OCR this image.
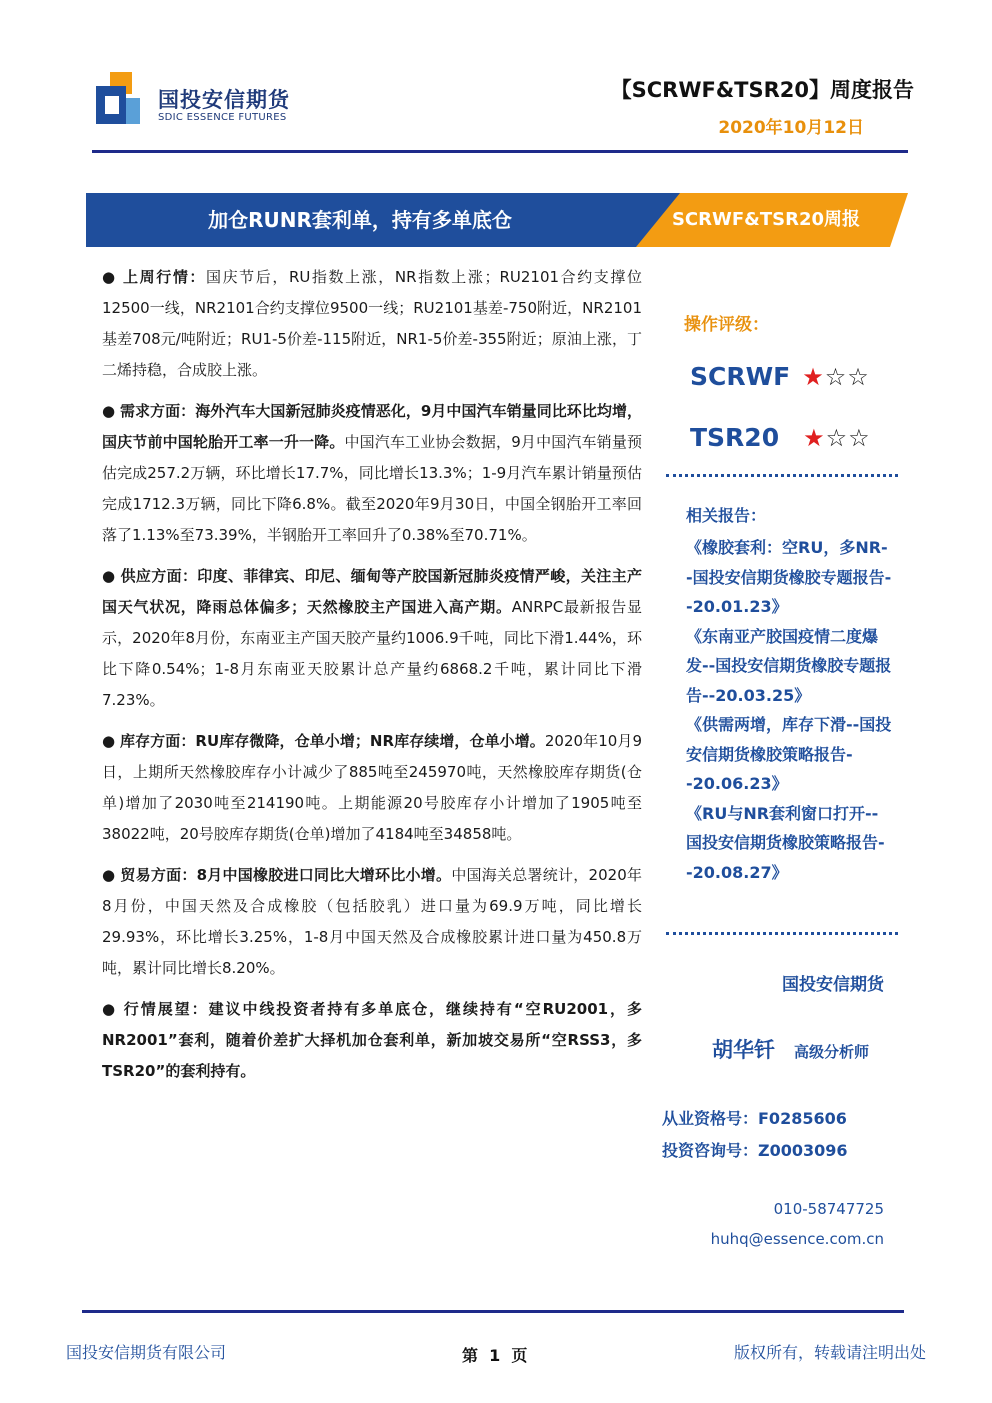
国投安信期货
SDIC ESSENCE FUTURES
【SCRWF&TSR20】周度报告
2020年10月12日
加仓RUNR套利单，持有多单底仓	SCRWF&TSR20周报

● 上周行情：国庆节后，RU指数上涨，NR指数上涨；RU2101合约支撑位12500一线，NR2101合约支撑位9500一线；RU2101基差-750附近，NR2101基差708元/吨附近；RU1-5价差-115附近，NR1-5价差-355附近；原油上涨，丁二烯持稳，合成胶上涨。

● 需求方面：海外汽车大国新冠肺炎疫情恶化，9月中国汽车销量同比环比均增，国庆节前中国轮胎开工率一升一降。中国汽车工业协会数据，9月中国汽车销量预估完成257.2万辆，环比增长17.7%，同比增长13.3%；1-9月汽车累计销量预估完成1712.3万辆，同比下降6.8%。截至2020年9月30日，中国全钢胎开工率回落了1.13%至73.39%，半钢胎开工率回升了0.38%至70.71%。

● 供应方面：印度、菲律宾、印尼、缅甸等产胶国新冠肺炎疫情严峻，关注主产国天气状况，降雨总体偏多；天然橡胶主产国进入高产期。ANRPC最新报告显示，2020年8月份，东南亚主产国天胶产量约1006.9千吨，同比下滑1.44%，环比下降0.54%；1-8月东南亚天胶累计总产量约6868.2千吨，累计同比下滑7.23%。

● 库存方面：RU库存微降，仓单小增；NR库存续增，仓单小增。2020年10月9日，上期所天然橡胶库存小计减少了885吨至245970吨，天然橡胶库存期货(仓单)增加了2030吨至214190吨。上期能源20号胶库存小计增加了1905吨至38022吨，20号胶库存期货(仓单)增加了4184吨至34858吨。

● 贸易方面：8月中国橡胶进口同比大增环比小增。中国海关总署统计，2020年8月份，中国天然及合成橡胶（包括胶乳）进口量为69.9万吨，同比增长29.93%，环比增长3.25%，1-8月中国天然及合成橡胶累计进口量为450.8万吨，累计同比增长8.20%。

● 行情展望：建议中线投资者持有多单底仓，继续持有“空RU2001，多NR2001”套利，随着价差扩大择机加仓套利单，新加坡交易所“空RSS3，多TSR20”的套利持有。

操作评级：
SCRWF ★☆☆
TSR20 ★☆☆
相关报告：
《橡胶套利：空RU，多NR--国投安信期货橡胶专题报告--20.01.23》
《东南亚产胶国疫情二度爆发--国投安信期货橡胶专题报告--20.03.25》
《供需两增，库存下滑--国投安信期货橡胶策略报告--20.06.23》
《RU与NR套利窗口打开--国投安信期货橡胶策略报告--20.08.27》
国投安信期货
胡华钎 高级分析师
从业资格号：F0285606
投资咨询号：Z0003096
010-58747725
huhq@essence.com.cn
国投安信期货有限公司	第  1  页	版权所有，转载请注明出处
